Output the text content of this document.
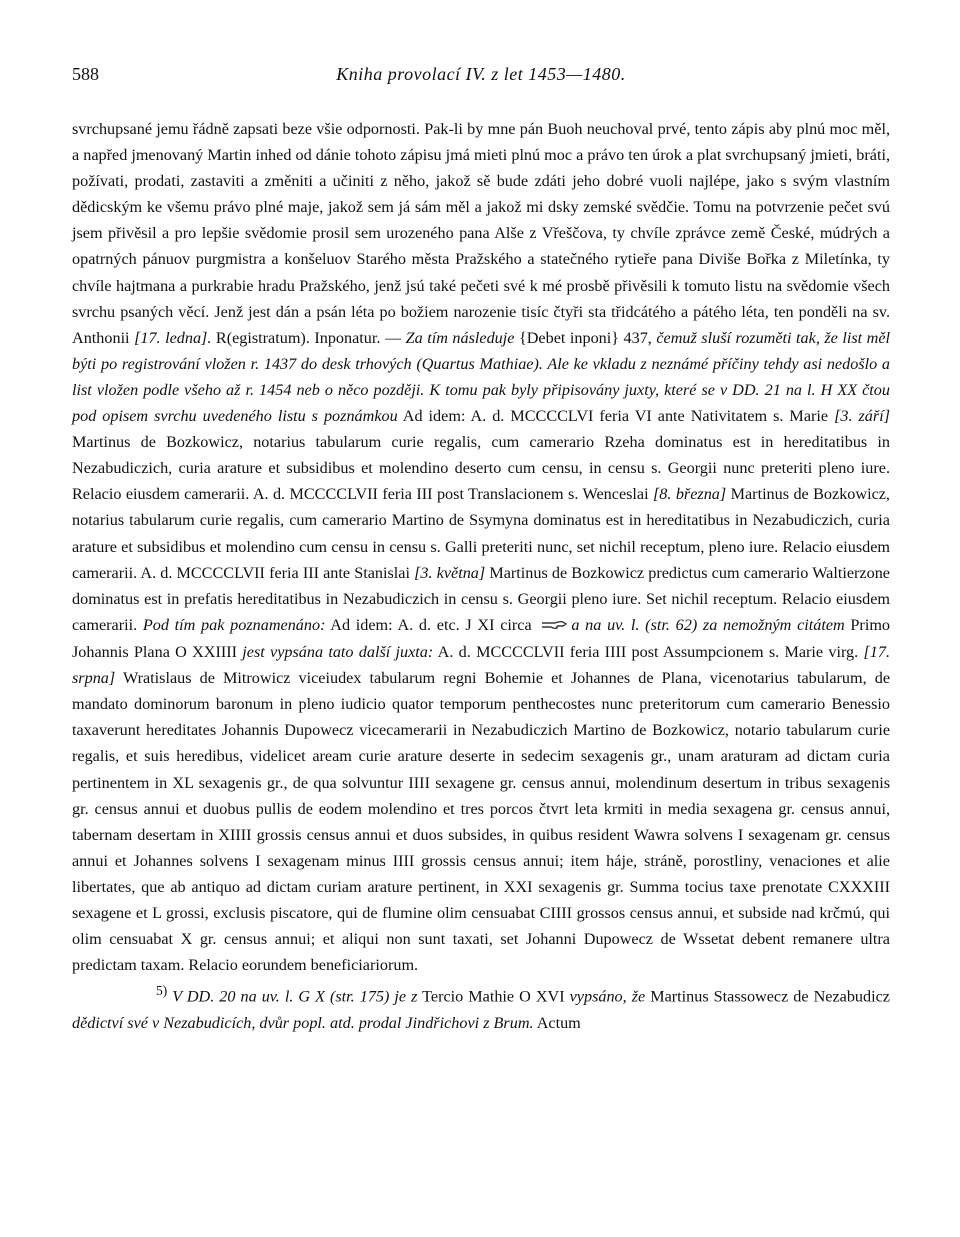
588	Kniha provolací IV. z let 1453—1480.

svrchupsané jemu řádně zapsati beze všie odpornosti. Pak-li by mne pán Buoh neuchoval prvé, tento zápis aby plnú moc měl, a napřed jmenovaný Martin inhed od dánie tohoto zápisu jmá mieti plnú moc a právo ten úrok a plat svrchupsaný jmieti, bráti, požívati, prodati, zastaviti a změniti a učiniti z něho, jakož sě bude zdáti jeho dobré vuoli najlépe, jako s svým vlastním dědicským ke všemu právo plné maje, jakož sem já sám měl a jakož mi dsky zemské svědčie. Tomu na potvrzenie pečet svú jsem přivěsil a pro lepšie svědomie prosil sem urozeného pana Alše z Vřeščova, ty chvíle zprávce země České, múdrých a opatrných pánuov purgmistra a konšeluov Starého města Pražského a statečného rytieře pana Diviše Bořka z Miletínka, ty chvíle hajtmana a purkrabie hradu Pražského, jenž jsú také pečeti své k mé prosbě přivěsili k tomuto listu na svědomie všech svrchu psaných věcí. Jenž jest dán a psán léta po božiem narozenie tisíc čtyři sta třidcátého a pátého léta, ten ponděli na sv. Anthonii [17. ledna]. R(egistratum). Inponatur. — Za tím následuje {Debet inponi} 437, čemuž sluší rozuměti tak, že list měl býti po registrování vložen r. 1437 do desk trhových (Quartus Mathiae). Ale ke vkladu z neznámé příčiny tehdy asi nedošlo a list vložen podle všeho až r. 1454 neb o něco později. K tomu pak byly připisovány juxty, které se v DD. 21 na l. H XX čtou pod opisem svrchu uvedeného listu s poznámkou Ad idem: A. d. MCCCCLVI feria VI ante Nativitatem s. Marie [3. září] Martinus de Bozkowicz, notarius tabularum curie regalis, cum camerario Rzeha dominatus est in hereditatibus in Nezabudiczich, curia arature et subsidibus et molendino deserto cum censu, in censu s. Georgii nunc preteriti pleno iure. Relacio eiusdem camerarii. A. d. MCCCCLVII feria III post Translacionem s. Wenceslai [8. března] Martinus de Bozkowicz, notarius tabularum curie regalis, cum camerario Martino de Ssymyna dominatus est in hereditatibus in Nezabudiczich, curia arature et subsidibus et molendino cum censu in censu s. Galli preteriti nunc, set nichil receptum, pleno iure. Relacio eiusdem camerarii. A. d. MCCCCLVII feria III ante Stanislai [3. května] Martinus de Bozkowicz predictus cum camerario Waltierzone dominatus est in prefatis hereditatibus in Nezabudiczich in censu s. Georgii pleno iure. Set nichil receptum. Relacio eiusdem camerarii. Pod tím pak poznamenáno: Ad idem: A. d. etc. J XI circa a na uv. l. (str. 62) za nemožným citátem Primo Johannis Plana O XXIIII jest vypsána tato další juxta: A. d. MCCCCLVII feria IIII post Assumpcionem s. Marie virg. [17. srpna] Wratislaus de Mitrowicz viceiudex tabularum regni Bohemie et Johannes de Plana, vicenotarius tabularum, de mandato dominorum baronum in pleno iudicio quator temporum penthecostes nunc preteritorum cum camerario Benessio taxaverunt hereditates Johannis Dupowecz vicecamerarii in Nezabudiczich Martino de Bozkowicz, notario tabularum curie regalis, et suis heredibus, videlicet aream curie arature deserte in sedecim sexagenis gr., unam araturam ad dictam curia pertinentem in XL sexagenis gr., de qua solvuntur IIII sexagene gr. census annui, molendinum desertum in tribus sexagenis gr. census annui et duobus pullis de eodem molendino et tres porcos čtvrt leta krmiti in media sexagena gr. census annui, tabernam desertam in XIIII grossis census annui et duos subsides, in quibus resident Wawra solvens I sexagenam gr. census annui et Johannes solvens I sexagenam minus IIII grossis census annui; item háje, stráně, porostliny, venaciones et alie libertates, que ab antiquo ad dictam curiam arature pertinent, in XXI sexagenis gr. Summa tocius taxe prenotate CXXXIII sexagene et L grossi, exclusis piscatore, qui de flumine olim censuabat CIIII grossos census annui, et subside nad krčmú, qui olim censuabat X gr. census annui; et aliqui non sunt taxati, set Johanni Dupowecz de Wssetat debent remanere ultra predictam taxam. Relacio eorundem beneficiariorum.

$^{5)}$ V DD. 20 na uv. l. G X (str. 175) je z Tercio Mathie O XVI vypsáno, že Martinus Stassowecz de Nezabudicz dědictví své v Nezabudicích, dvůr popl. atd. prodal Jindřichovi z Brum. Actum
